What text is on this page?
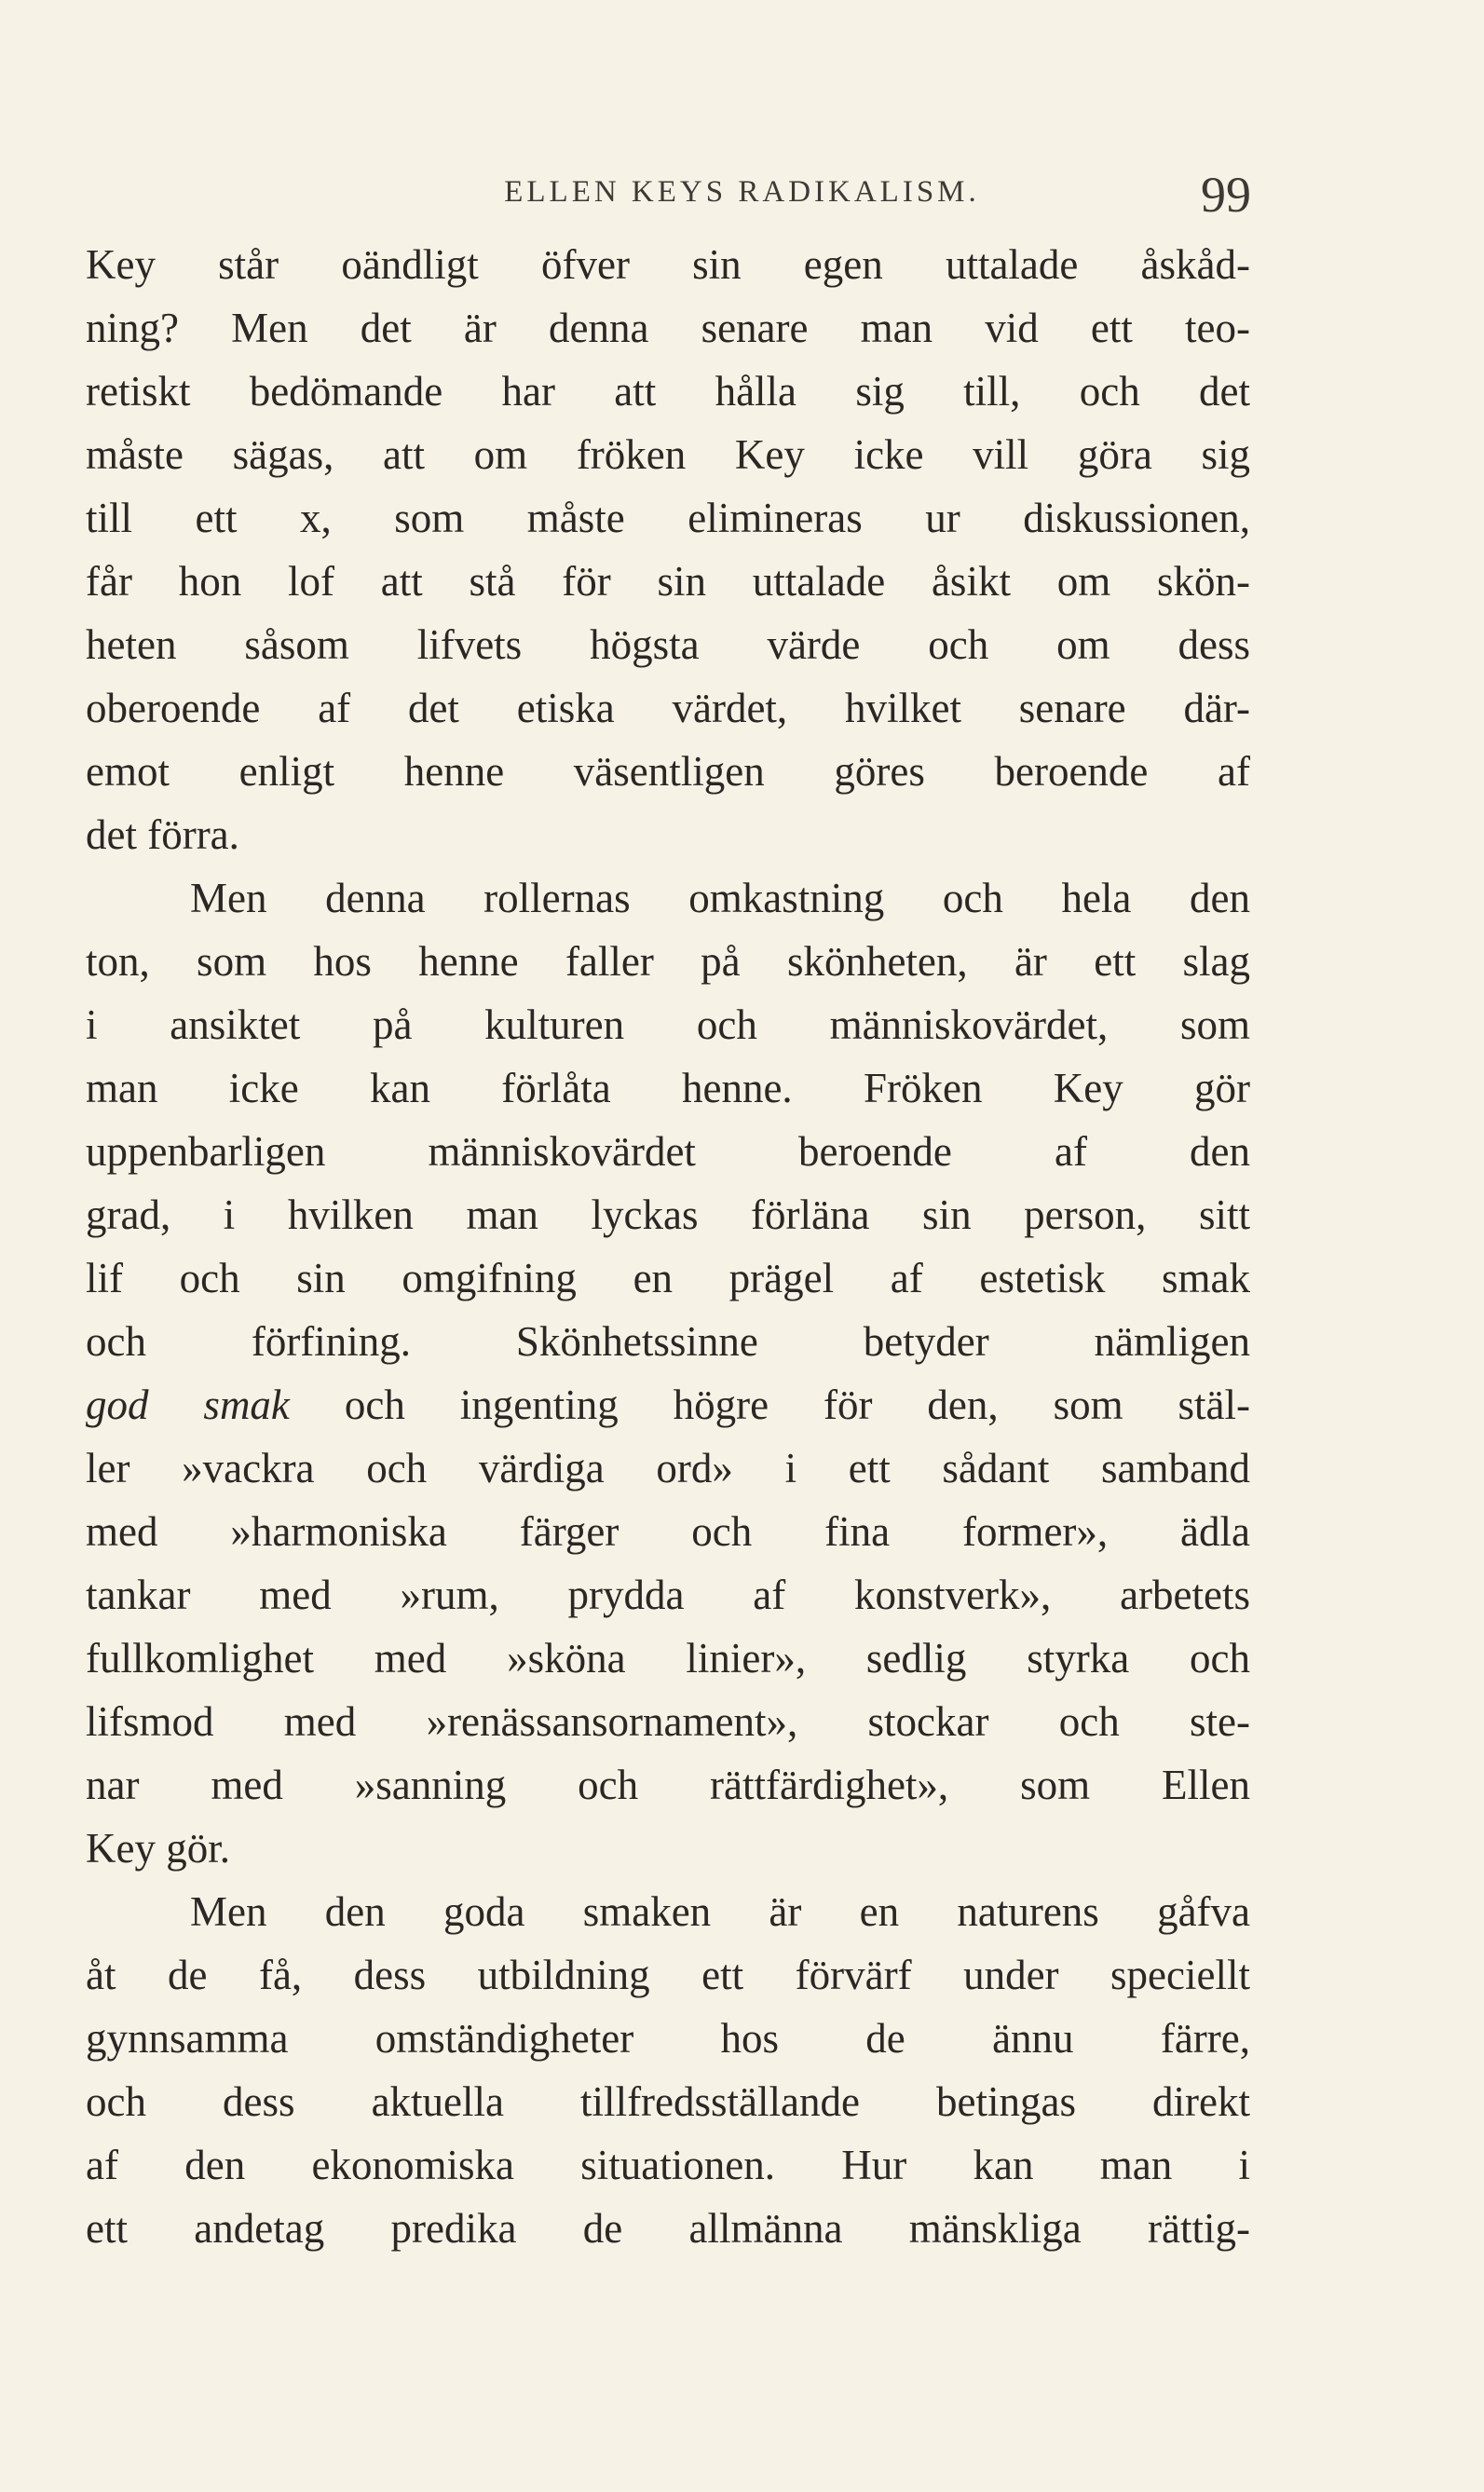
ELLEN KEYS RADIKALISM.	99
Key står oändligt öfver sin egen uttalade åskåd-
ning? Men det är denna senare man vid ett teo-
retiskt bedömande har att hålla sig till, och det
måste sägas, att om fröken Key icke vill göra sig
till ett x, som måste elimineras ur diskussionen,
får hon lof att stå för sin uttalade åsikt om skön-
heten såsom lifvets högsta värde och om dess
oberoende af det etiska värdet, hvilket senare där-
emot enligt henne väsentligen göres beroende af
det förra.
Men denna rollernas omkastning och hela den
ton, som hos henne faller på skönheten, är ett slag
i ansiktet på kulturen och människovärdet, som
man icke kan förlåta henne. Fröken Key gör
uppenbarligen människovärdet beroende af den
grad, i hvilken man lyckas förläna sin person, sitt
lif och sin omgifning en prägel af estetisk smak
och förfining. Skönhetssinne betyder nämligen
god smak och ingenting högre för den, som stäl-
ler »vackra och värdiga ord» i ett sådant samband
med »harmoniska färger och fina former», ädla
tankar med »rum, prydda af konstverk», arbetets
fullkomlighet med »sköna linier», sedlig styrka och
lifsmod med »renässansornament», stockar och ste-
nar med »sanning och rättfärdighet», som Ellen
Key gör.
Men den goda smaken är en naturens gåfva
åt de få, dess utbildning ett förvärf under speciellt
gynnsamma omständigheter hos de ännu färre,
och dess aktuella tillfredsställande betingas direkt
af den ekonomiska situationen. Hur kan man i
ett andetag predika de allmänna mänskliga rättig-
